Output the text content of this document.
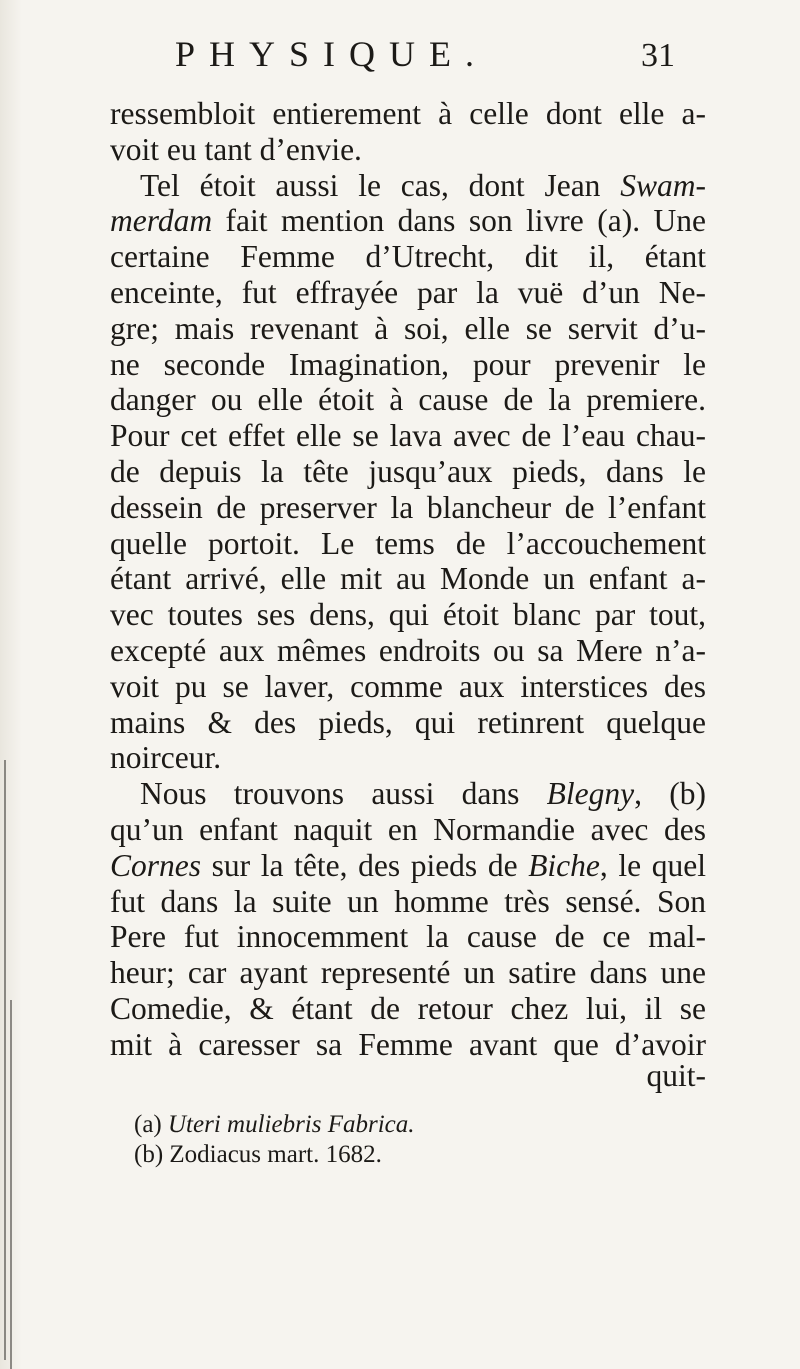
PHYSIQUE.	31
ressembloit entierement à celle dont elle a-
voit eu tant d’envie.
Tel étoit aussi le cas, dont Jean Swam-
merdam fait mention dans son livre (a). Une
certaine Femme d’Utrecht, dit il, étant
enceinte, fut effrayée par la vuë d’un Ne-
gre; mais revenant à soi, elle se servit d’u-
ne seconde Imagination, pour prevenir le
danger ou elle étoit à cause de la premiere.
Pour cet effet elle se lava avec de l’eau chau-
de depuis la tête jusqu’aux pieds, dans le
dessein de preserver la blancheur de l’enfant
quelle portoit. Le tems de l’accouchement
étant arrivé, elle mit au Monde un enfant a-
vec toutes ses dens, qui étoit blanc par tout,
excepté aux mêmes endroits ou sa Mere n’a-
voit pu se laver, comme aux interstices des
mains & des pieds, qui retinrent quelque
noirceur.
Nous trouvons aussi dans Blegny, (b)
qu’un enfant naquit en Normandie avec des
Cornes sur la tête, des pieds de Biche, le quel
fut dans la suite un homme très sensé. Son
Pere fut innocemment la cause de ce mal-
heur; car ayant representé un satire dans une
Comedie, & étant de retour chez lui, il se
mit à caresser sa Femme avant que d’avoir
quit-
(a) Uteri muliebris Fabrica.
(b) Zodiacus mart. 1682.
